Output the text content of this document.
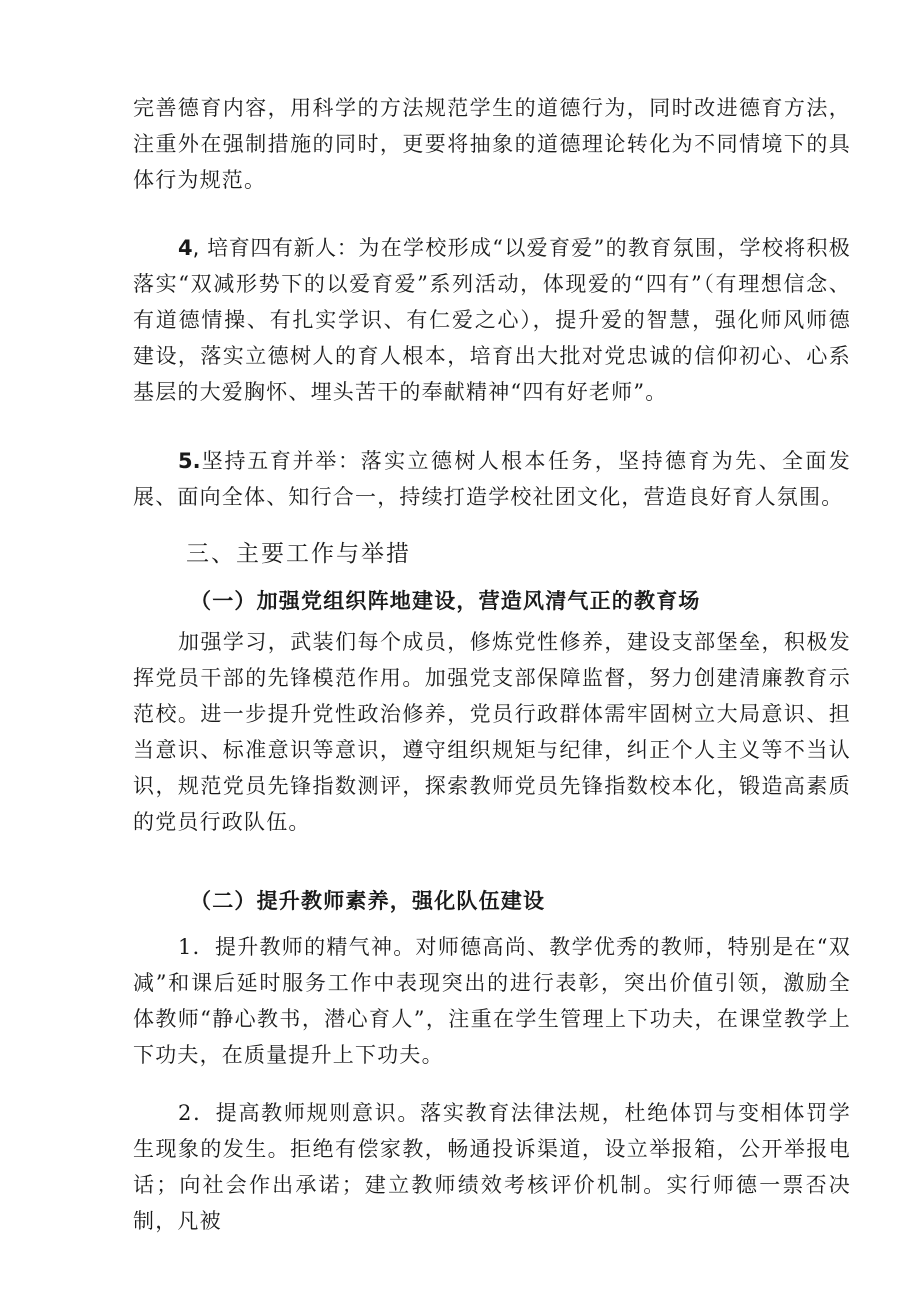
完善德育内容，用科学的方法规范学生的道德行为，同时改进德育方法，注重外在强制措施的同时，更要将抽象的道德理论转化为不同情境下的具体行为规范。

4, 培育四有新人：为在学校形成“以爱育爱”的教育氛围，学校将积极落实“双减形势下的以爱育爱”系列活动，体现爱的“四有”（有理想信念、有道德情操、有扎实学识、有仁爱之心），提升爱的智慧，强化师风师德建设，落实立德树人的育人根本，培育出大批对党忠诚的信仰初心、心系基层的大爱胸怀、埋头苦干的奉献精神“四有好老师”。

5.坚持五育并举：落实立德树人根本任务，坚持德育为先、全面发展、面向全体、知行合一，持续打造学校社团文化，营造良好育人氛围。

三、主要工作与举措
（一）加强党组织阵地建设，营造风清气正的教育场

加强学习，武装们每个成员，修炼党性修养，建设支部堡垒，积极发挥党员干部的先锋模范作用。加强党支部保障监督，努力创建清廉教育示范校。进一步提升党性政治修养，党员行政群体需牢固树立大局意识、担当意识、标准意识等意识，遵守组织规矩与纪律，纠正个人主义等不当认识，规范党员先锋指数测评，探索教师党员先锋指数校本化，锻造高素质的党员行政队伍。

（二）提升教师素养，强化队伍建设

1．提升教师的精气神。对师德高尚、教学优秀的教师，特别是在“双减”和课后延时服务工作中表现突出的进行表彰，突出价值引领，激励全体教师“静心教书，潜心育人”，注重在学生管理上下功夫，在课堂教学上下功夫，在质量提升上下功夫。

2．提高教师规则意识。落实教育法律法规，杜绝体罚与变相体罚学生现象的发生。拒绝有偿家教，畅通投诉渠道，设立举报箱，公开举报电话；向社会作出承诺；建立教师绩效考核评价机制。实行师德一票否决制，凡被
